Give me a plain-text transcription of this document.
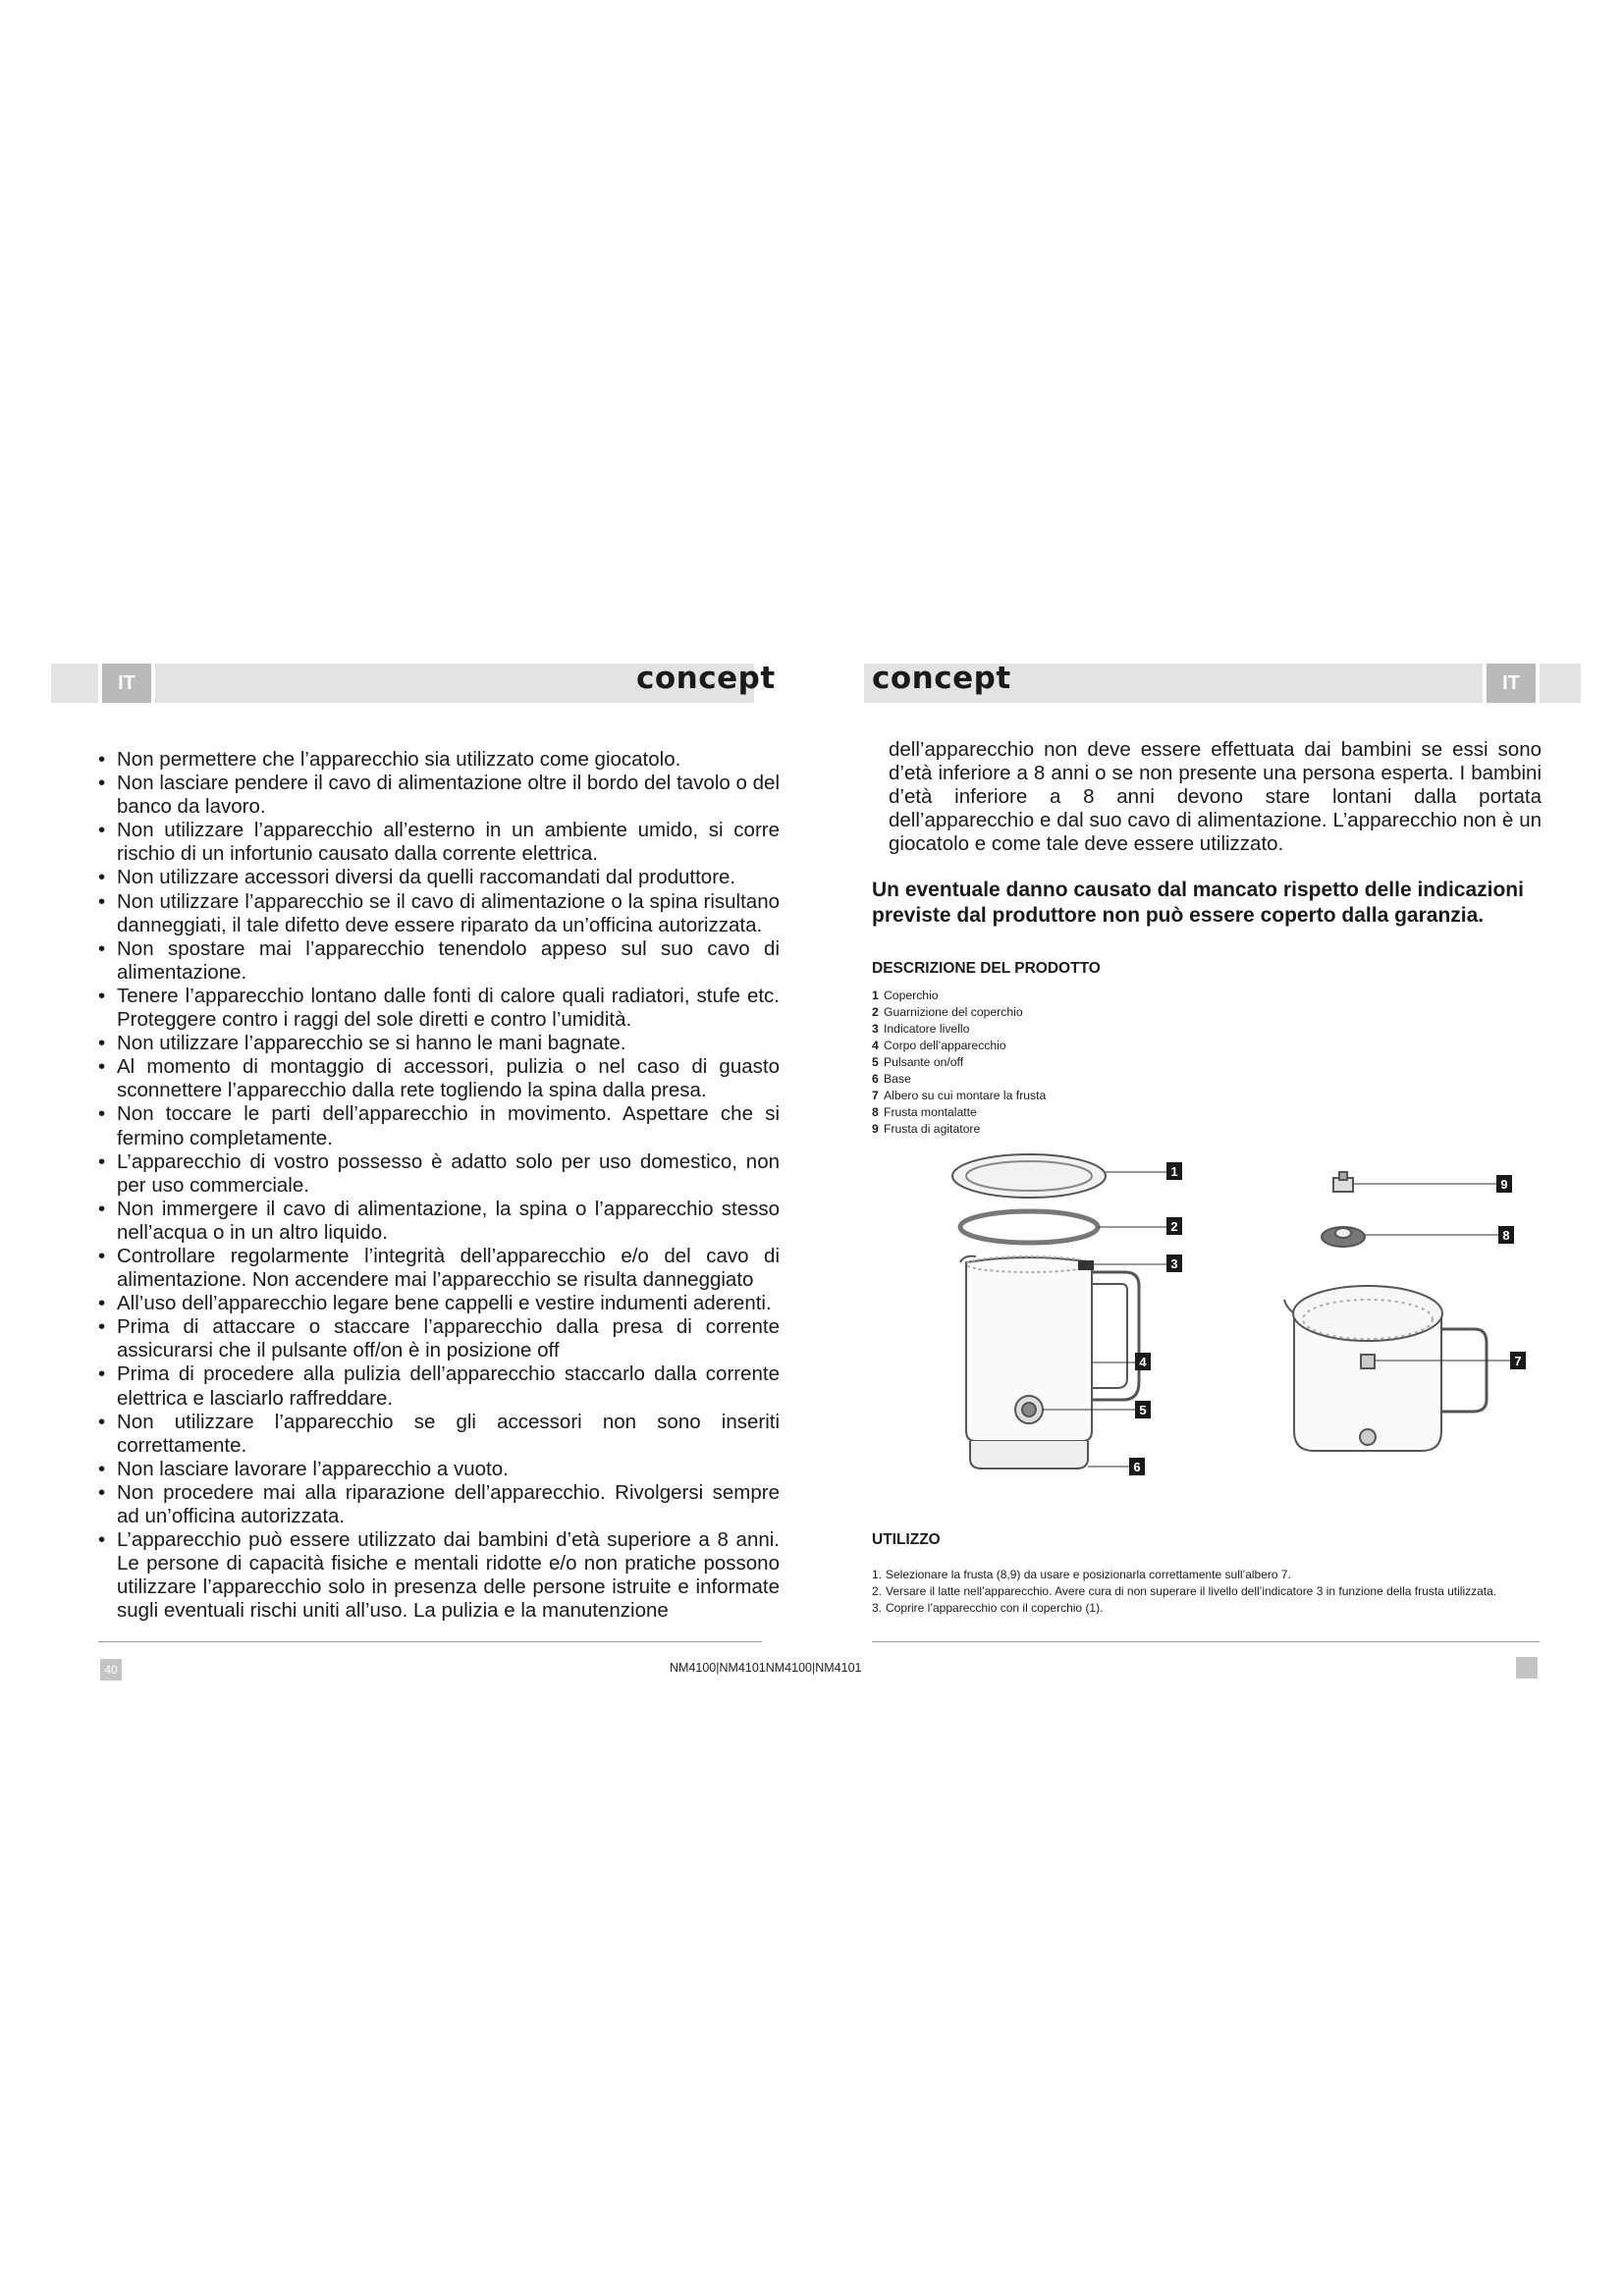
IT	IT
concept	concept
• Non permettere che l’apparecchio sia utilizzato come giocatolo.
• Non lasciare pendere il cavo di alimentazione oltre il bordo del tavolo o del banco da lavoro.
• Non utilizzare l’apparecchio all’esterno in un ambiente umido, si corre rischio di un infortunio causato dalla corrente elettrica.
• Non utilizzare accessori diversi da quelli raccomandati dal produttore.
• Non utilizzare l’apparecchio se il cavo di alimentazione o la spina risultano danneggiati, il tale difetto deve essere riparato da un’officina autorizzata.
• Non spostare mai l’apparecchio tenendolo appeso sul suo cavo di alimentazione.
• Tenere l’apparecchio lontano dalle fonti di calore quali radiatori, stufe etc. Proteggere contro i raggi del sole diretti e contro l’umidità.
• Non utilizzare l’apparecchio se si hanno le mani bagnate.
• Al momento di montaggio di accessori, pulizia o nel caso di guasto sconnettere l’apparecchio dalla rete togliendo la spina dalla presa.
• Non toccare le parti dell’apparecchio in movimento. Aspettare che si fermino completamente.
• L’apparecchio di vostro possesso è adatto solo per uso domestico, non per uso commerciale.
• Non immergere il cavo di alimentazione, la spina o l’apparecchio stesso nell’acqua o in un altro liquido.
• Controllare regolarmente l’integrità dell’apparecchio e/o del cavo di alimentazione. Non accendere mai l’apparecchio se risulta danneggiato
• All’uso dell’apparecchio legare bene cappelli e vestire indumenti aderenti.
• Prima di attaccare o staccare l’apparecchio dalla presa di corrente assicurarsi che il pulsante off/on è in posizione off
• Prima di procedere alla pulizia dell’apparecchio staccarlo dalla corrente elettrica e lasciarlo raffreddare.
• Non utilizzare l’apparecchio se gli accessori non sono inseriti correttamente.
• Non lasciare lavorare l’apparecchio a vuoto.
• Non procedere mai alla riparazione dell’apparecchio. Rivolgersi sempre ad un’officina autorizzata.
• L’apparecchio può essere utilizzato dai bambini d’età superiore a 8 anni. Le persone di capacità fisiche e mentali ridotte e/o non pratiche possono utilizzare l’apparecchio solo in presenza delle persone istruite e informate sugli eventuali rischi uniti all’uso. La pulizia e la manutenzione

dell’apparecchio non deve essere effettuata dai bambini se essi sono d’età inferiore a 8 anni o se non presente una persona esperta. I bambini d’età inferiore a 8 anni devono stare lontani dalla portata dell’apparecchio e dal suo cavo di alimentazione. L’apparecchio non è un giocatolo e come tale deve essere utilizzato.

Un eventuale danno causato dal mancato rispetto delle indicazioni previste dal produttore non può essere coperto dalla garanzia.

DESCRIZIONE DEL PRODOTTO
1 Coperchio
2 Guarnizione del coperchio
3 Indicatore livello
4 Corpo dell’apparecchio
5 Pulsante on/off
6 Base
7 Albero su cui montare la frusta
8 Frusta montalatte
9 Frusta di agitatore
1
2
3
4
5
6
7
8
9
UTILIZZO
1. Selezionare la frusta (8,9) da usare e posizionarla correttamente sull’albero 7.
2. Versare il latte nell’apparecchio. Avere cura di non superare il livello dell’indicatore 3 in funzione della frusta utilizzata.
3. Coprire l’apparecchio con il coperchio (1).
40	NM4100|NM4101NM4100|NM4101
